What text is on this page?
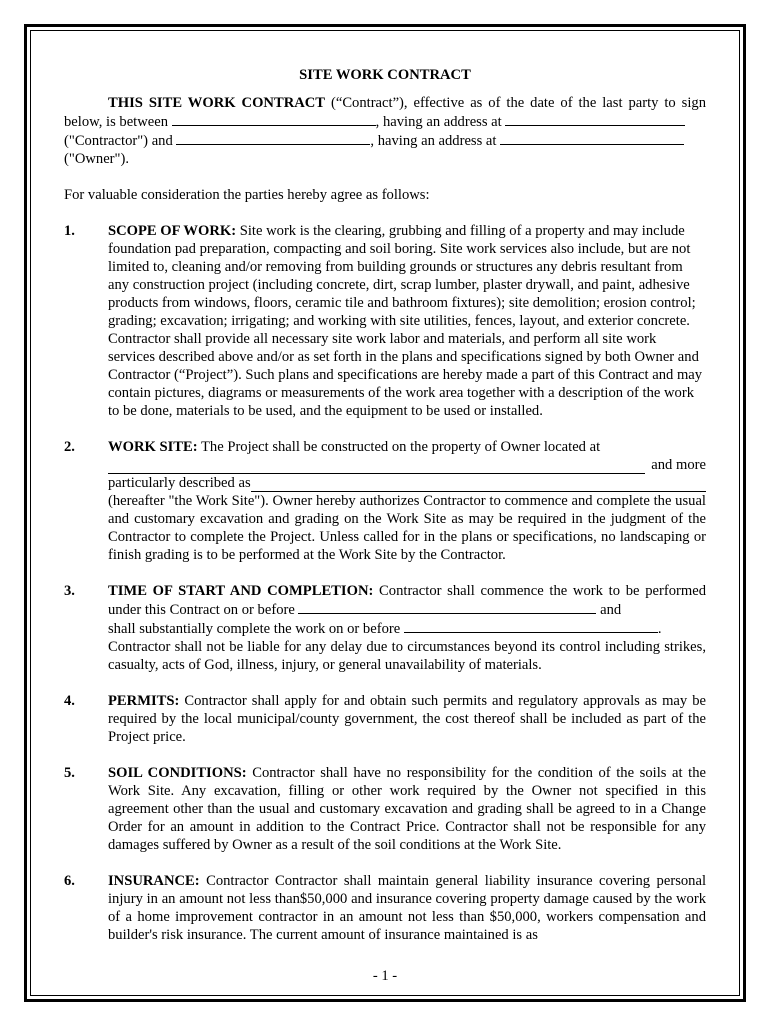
SITE WORK CONTRACT

THIS SITE WORK CONTRACT (“Contract”), effective as of the date of the last party to sign below, is between	, having an address at
("Contractor") and	, having an address at
("Owner").

For valuable consideration the parties hereby agree as follows:

1.	SCOPE OF WORK: Site work is the clearing, grubbing and filling of a property and may include foundation pad preparation, compacting and soil boring. Site work services also include, but are not limited to, cleaning and/or removing from building grounds or structures any debris resultant from any construction project (including concrete, dirt, scrap lumber, plaster drywall, and paint, adhesive products from windows, floors, ceramic tile and bathroom fixtures); site demolition; erosion control; grading; excavation; irrigating; and working with site utilities, fences, layout, and exterior concrete. Contractor shall provide all necessary site work labor and materials, and perform all site work services described above and/or as set forth in the plans and specifications signed by both Owner and Contractor (“Project”). Such plans and specifications are hereby made a part of this Contract and may contain pictures, diagrams or measurements of the work area together with a description of the work to be done, materials to be used, and the equipment to be used or installed.
2.	WORK SITE: The Project shall be constructed on the property of Owner located at
and more
particularly described as
(hereafter "the Work Site"). Owner hereby authorizes Contractor to commence and complete the usual and customary excavation and grading on the Work Site as may be required in the judgment of the Contractor to complete the Project. Unless called for in the plans or specifications, no landscaping or finish grading is to be performed at the Work Site by the Contractor.
3.	TIME OF START AND COMPLETION: Contractor shall commence the work to be performed under this Contract on or before	and
shall substantially complete the work on or before	.
Contractor shall not be liable for any delay due to circumstances beyond its control including strikes, casualty, acts of God, illness, injury, or general unavailability of materials.
4.	PERMITS: Contractor shall apply for and obtain such permits and regulatory approvals as may be required by the local municipal/county government, the cost thereof shall be included as part of the Project price.
5.	SOIL CONDITIONS: Contractor shall have no responsibility for the condition of the soils at the Work Site. Any excavation, filling or other work required by the Owner not specified in this agreement other than the usual and customary excavation and grading shall be agreed to in a Change Order for an amount in addition to the Contract Price. Contractor shall not be responsible for any damages suffered by Owner as a result of the soil conditions at the Work Site.
6.	INSURANCE: Contractor Contractor shall maintain general liability insurance covering personal injury in an amount not less than$50,000 and insurance covering property damage caused by the work of a home improvement contractor in an amount not less than $50,000, workers compensation and builder's risk insurance. The current amount of insurance maintained is as
- 1 -
